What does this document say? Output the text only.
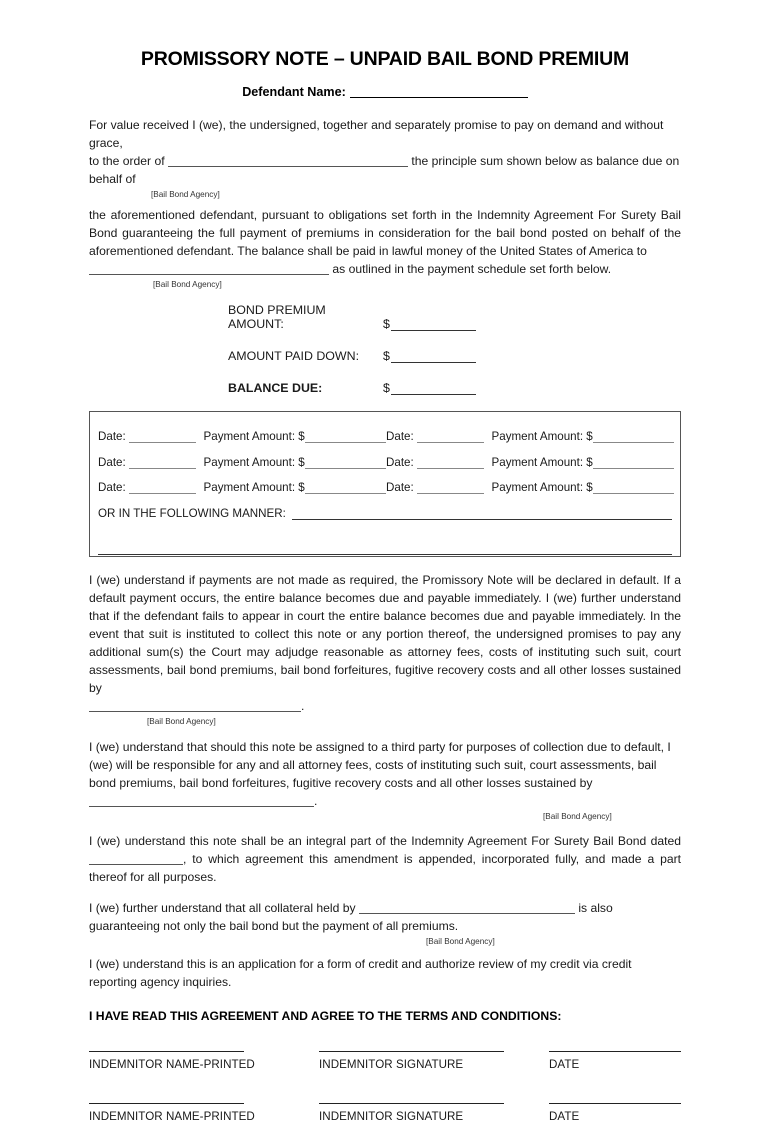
PROMISSORY NOTE – UNPAID BAIL BOND PREMIUM
Defendant Name:

For value received I (we), the undersigned, together and separately promise to pay on demand and without grace,

to the order of	the principle sum shown below as balance due on behalf of

[Bail Bond Agency]

the aforementioned defendant, pursuant to obligations set forth in the Indemnity Agreement For Surety Bail Bond guaranteeing the full payment of premiums in consideration for the bail bond posted on behalf of the aforementioned defendant. The balance shall be paid in lawful money of the United States of America to

as outlined in the payment schedule set forth below.

[Bail Bond Agency]
BOND PREMIUM AMOUNT:	$
AMOUNT PAID DOWN:	$
BALANCE DUE:	$
Date:	Payment Amount: $	Date:	Payment Amount: $
Date:	Payment Amount: $	Date:	Payment Amount: $
Date:	Payment Amount: $	Date:	Payment Amount: $
OR IN THE FOLLOWING MANNER:

I (we) understand if payments are not made as required, the Promissory Note will be declared in default. If a default payment occurs, the entire balance becomes due and payable immediately. I (we) further understand that if the defendant fails to appear in court the entire balance becomes due and payable immediately. In the event that suit is instituted to collect this note or any portion thereof, the undersigned promises to pay any additional sum(s) the Court may adjudge reasonable as attorney fees, costs of instituting such suit, court assessments, bail bond premiums, bail bond forfeitures, fugitive recovery costs and all other losses sustained by

.

[Bail Bond Agency]

I (we) understand that should this note be assigned to a third party for purposes of collection due to default, I (we) will be responsible for any and all attorney fees, costs of instituting such suit, court assessments, bail bond premiums, bail bond forfeitures, fugitive recovery costs and all other losses sustained by .

[Bail Bond Agency]

I (we) understand this note shall be an integral part of the Indemnity Agreement For Surety Bail Bond dated , to which agreement this amendment is appended, incorporated fully, and made a part thereof for all purposes.

I (we) further understand that all collateral held by	is also guaranteeing not only the bail bond but the payment of all premiums.

[Bail Bond Agency]

I (we) understand this is an application for a form of credit and authorize review of my credit via credit reporting agency inquiries.

I HAVE READ THIS AGREEMENT AND AGREE TO THE TERMS AND CONDITIONS:
INDEMNITOR NAME-PRINTED	INDEMNITOR SIGNATURE	DATE
INDEMNITOR NAME-PRINTED	INDEMNITOR SIGNATURE	DATE
